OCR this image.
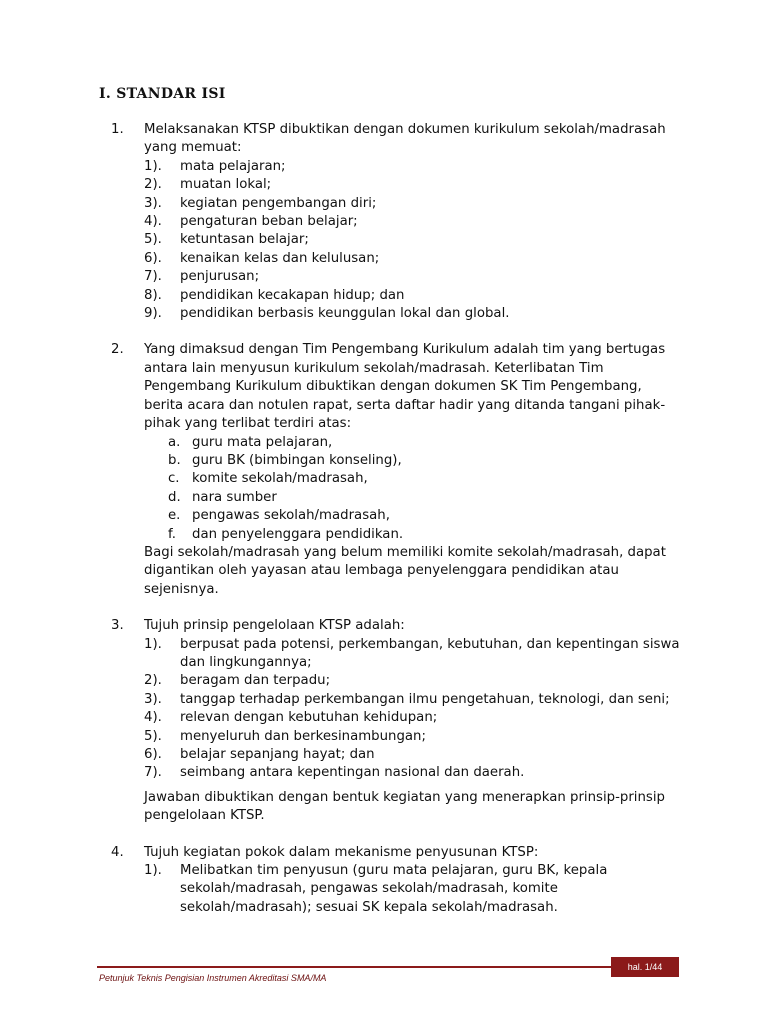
I. STANDAR ISI
1. Melaksanakan KTSP dibuktikan dengan dokumen kurikulum sekolah/madrasah yang memuat:

1). mata pelajaran;
2). muatan lokal;
3). kegiatan pengembangan diri;
4). pengaturan beban belajar;
5). ketuntasan belajar;
6). kenaikan kelas dan kelulusan;
7). penjurusan;
8). pendidikan kecakapan hidup; dan
9). pendidikan berbasis keunggulan lokal dan global.
2. Yang dimaksud dengan Tim Pengembang Kurikulum adalah tim yang bertugas antara lain menyusun kurikulum sekolah/madrasah. Keterlibatan Tim Pengembang Kurikulum dibuktikan dengan dokumen SK Tim Pengembang, berita acara dan notulen rapat, serta daftar hadir yang ditanda tangani pihak-pihak yang terlibat terdiri atas:

a. guru mata pelajaran,
b. guru BK (bimbingan konseling),
c. komite sekolah/madrasah,
d. nara sumber
e. pengawas sekolah/madrasah,
f. dan penyelenggara pendidikan.

Bagi sekolah/madrasah yang belum memiliki komite sekolah/madrasah, dapat digantikan oleh yayasan atau lembaga penyelenggara pendidikan atau sejenisnya.

3. Tujuh prinsip pengelolaan KTSP adalah:

1). berpusat pada potensi, perkembangan, kebutuhan, dan kepentingan siswa dan lingkungannya;
2). beragam dan terpadu;
3). tanggap terhadap perkembangan ilmu pengetahuan, teknologi, dan seni;
4). relevan dengan kebutuhan kehidupan;
5). menyeluruh dan berkesinambungan;
6). belajar sepanjang hayat; dan
7). seimbang antara kepentingan nasional dan daerah.

Jawaban dibuktikan dengan bentuk kegiatan yang menerapkan prinsip-prinsip pengelolaan KTSP.

4. Tujuh kegiatan pokok dalam mekanisme penyusunan KTSP:

1). Melibatkan tim penyusun (guru mata pelajaran, guru BK, kepala sekolah/madrasah, pengawas sekolah/madrasah, komite sekolah/madrasah); sesuai SK kepala sekolah/madrasah.
hal. 1/44
Petunjuk Teknis Pengisian Instrumen Akreditasi SMA/MA
